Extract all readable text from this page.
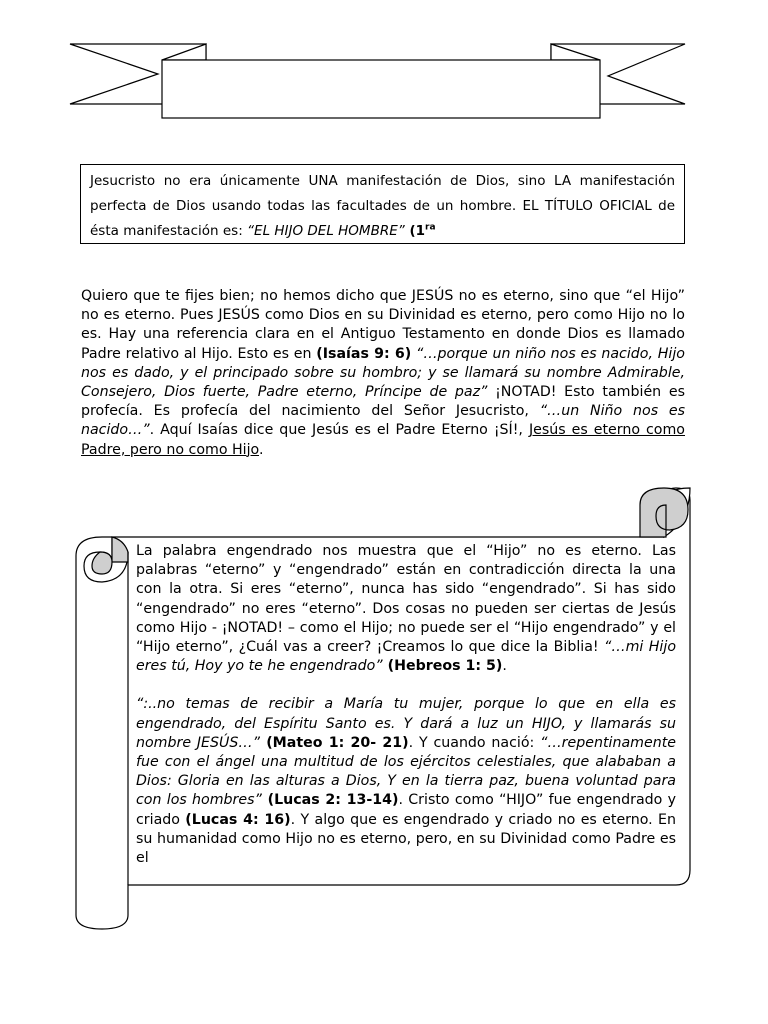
Jesucristo no era únicamente UNA manifestación de Dios, sino LA manifestación perfecta de Dios usando todas las facultades de un hombre. EL TÍTULO OFICIAL de ésta manifestación es: “EL HIJO DEL HOMBRE” ($1^{ra}$

Quiero que te fijes bien; no hemos dicho que JESÚS no es eterno, sino que “el Hijo” no es eterno. Pues JESÚS como Dios en su Divinidad es eterno, pero como Hijo no lo es. Hay una referencia clara en el Antiguo Testamento en donde Dios es llamado Padre relativo al Hijo. Esto es en (Isaías 9: 6) “…porque un niño nos es nacido, Hijo nos es dado, y el principado sobre su hombro; y se llamará su nombre Admirable, Consejero, Dios fuerte, Padre eterno, Príncipe de paz” ¡NOTAD! Esto también es profecía. Es profecía del nacimiento del Señor Jesucristo, “…un Niño nos es nacido…”. Aquí Isaías dice que Jesús es el Padre Eterno ¡SÍ!, Jesús es eterno como Padre, pero no como Hijo.

La palabra engendrado nos muestra que el “Hijo” no es eterno. Las palabras “eterno” y “engendrado” están en contradicción directa la una con la otra. Si eres “eterno”, nunca has sido “engendrado”. Si has sido “engendrado” no eres “eterno”. Dos cosas no pueden ser ciertas de Jesús como Hijo - ¡NOTAD! – como el Hijo; no puede ser el “Hijo engendrado” y el “Hijo eterno”, ¿Cuál vas a creer? ¡Creamos lo que dice la Biblia! “…mi Hijo eres tú, Hoy yo te he engendrado” (Hebreos 1: 5).

“:..no temas de recibir a María tu mujer, porque lo que en ella es engendrado, del Espíritu Santo es. Y dará a luz un HIJO, y llamarás su nombre JESÚS…” (Mateo 1: 20- 21). Y cuando nació: “…repentinamente fue con el ángel una multitud de los ejércitos celestiales, que alababan a Dios: Gloria en las alturas a Dios, Y en la tierra paz, buena voluntad para con los hombres” (Lucas 2: 13-14). Cristo como “HIJO” fue engendrado y criado (Lucas 4: 16). Y algo que es engendrado y criado no es eterno. En su humanidad como Hijo no es eterno, pero, en su Divinidad como Padre es el
